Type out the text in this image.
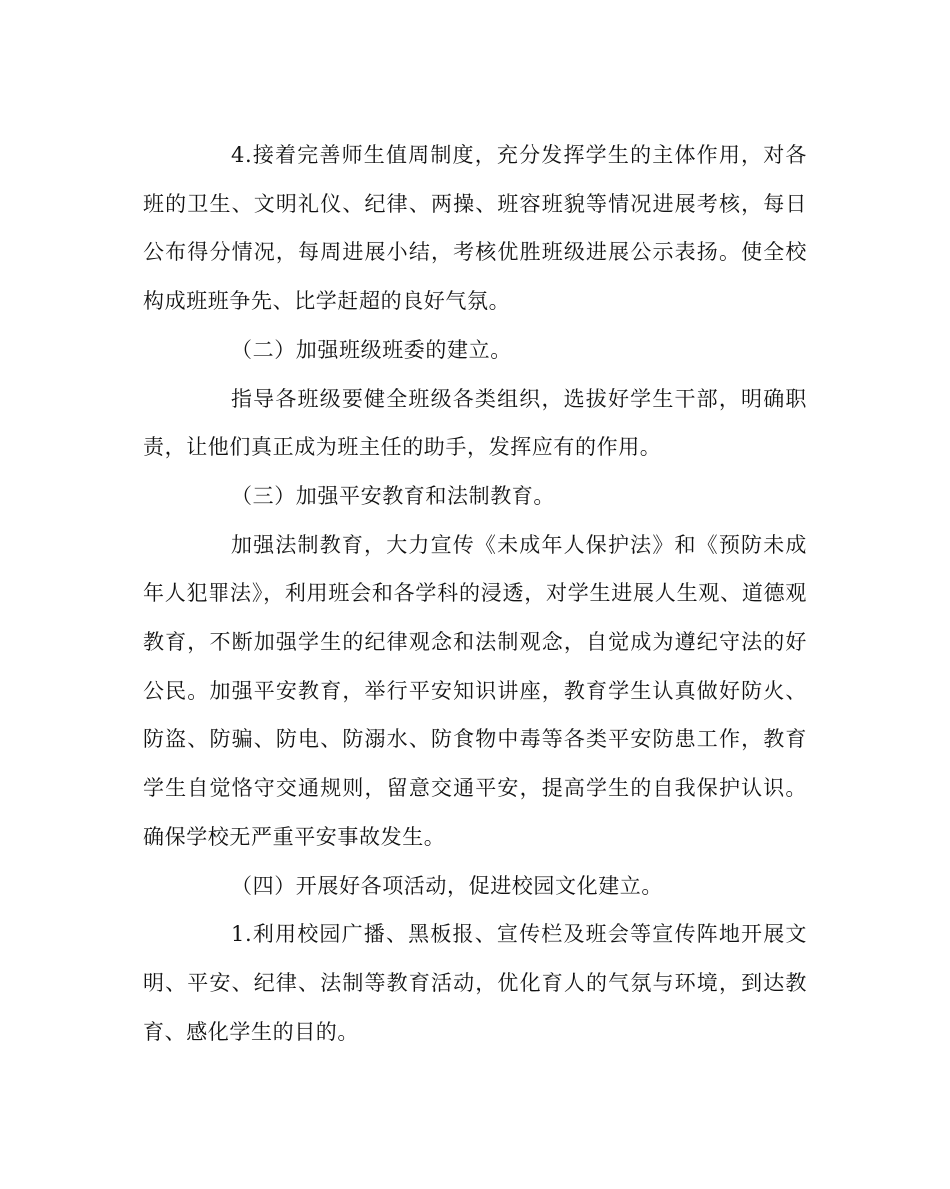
4.接着完善师生值周制度，充分发挥学生的主体作用，对各班的卫生、文明礼仪、纪律、两操、班容班貌等情况进展考核，每日公布得分情况，每周进展小结，考核优胜班级进展公示表扬。使全校构成班班争先、比学赶超的良好气氛。

（二）加强班级班委的建立。

指导各班级要健全班级各类组织，选拔好学生干部，明确职责，让他们真正成为班主任的助手，发挥应有的作用。

（三）加强平安教育和法制教育。

加强法制教育，大力宣传《未成年人保护法》和《预防未成年人犯罪法》，利用班会和各学科的浸透，对学生进展人生观、道德观教育，不断加强学生的纪律观念和法制观念，自觉成为遵纪守法的好公民。加强平安教育，举行平安知识讲座，教育学生认真做好防火、防盗、防骗、防电、防溺水、防食物中毒等各类平安防患工作，教育学生自觉恪守交通规则，留意交通平安，提高学生的自我保护认识。确保学校无严重平安事故发生。

（四）开展好各项活动，促进校园文化建立。

1.利用校园广播、黑板报、宣传栏及班会等宣传阵地开展文明、平安、纪律、法制等教育活动，优化育人的气氛与环境，到达教育、感化学生的目的。
